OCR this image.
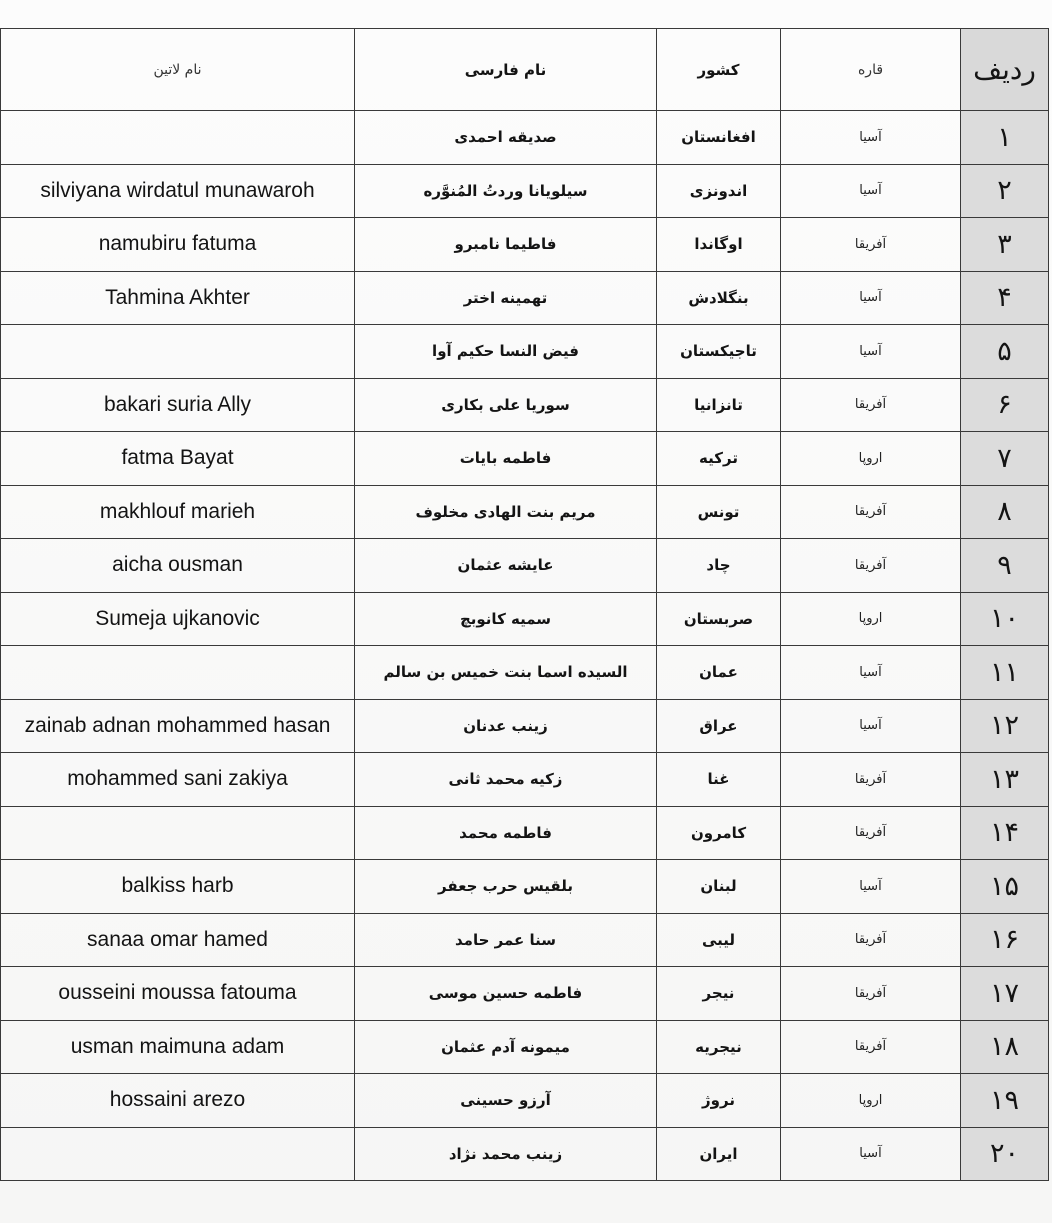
ردیف	قاره	کشور	نام فارسی	نام لاتین
۱	آسیا	افغانستان	صدیقه احمدی	
۲	آسیا	اندونزی	سیلویانا وردتُ المُنوَّره	silviyana wirdatul munawaroh
۳	آفریقا	اوگاندا	فاطیما نامبرو	namubiru fatuma
۴	آسیا	بنگلادش	تهمینه اختر	Tahmina Akhter
۵	آسیا	تاجیکستان	فیض النسا حکیم آوا	
۶	آفریقا	تانزانیا	سوریا علی بکاری	bakari suria Ally
۷	اروپا	ترکیه	فاطمه بایات	fatma Bayat
۸	آفریقا	تونس	مریم بنت الهادی مخلوف	makhlouf marieh
۹	آفریقا	چاد	عایشه عثمان	aicha ousman
۱۰	اروپا	صربستان	سمیه کانوبچ	Sumeja ujkanovic
۱۱	آسیا	عمان	السیده اسما بنت خمیس بن سالم	
۱۲	آسیا	عراق	زینب عدنان	zainab adnan mohammed hasan
۱۳	آفریقا	غنا	زکیه محمد ثانی	mohammed sani zakiya
۱۴	آفریقا	کامرون	فاطمه محمد	
۱۵	آسیا	لبنان	بلقیس حرب جعفر	balkiss harb
۱۶	آفریقا	لیبی	سنا عمر حامد	sanaa omar hamed
۱۷	آفریقا	نیجر	فاطمه حسین موسی	ousseini moussa fatouma
۱۸	آفریقا	نیجریه	میمونه آدم عثمان	usman maimuna adam
۱۹	اروپا	نروژ	آرزو حسینی	hossaini arezo
۲۰	آسیا	ایران	زینب محمد نژاد	
